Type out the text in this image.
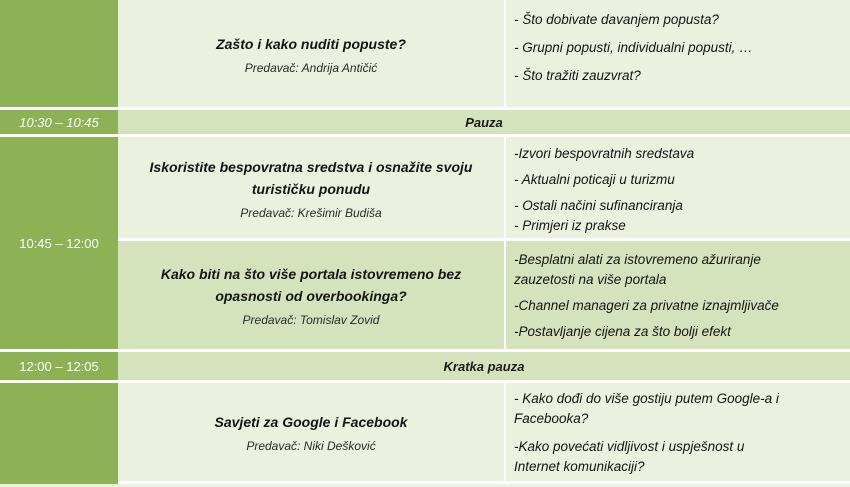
Zašto i kako nuditi popuste?
Predavač: Andrija Antičić
- Što dobivate davanjem popusta?
- Grupni popusti, individualni popusti, …
- Što tražiti zauzvrat?
10:30 – 10:45	Pauza
10:45 – 12:00
Iskoristite bespovratna sredstva i osnažite svoju
turističku ponudu
Predavač: Krešimir Budiša
-Izvori bespovratnih sredstava
- Aktualni poticaji u turizmu
- Ostali načini sufinanciranja
- Primjeri iz prakse
Kako biti na što više portala istovremeno bez
opasnosti od overbookinga?
Predavač: Tomislav Zovid
-Besplatni alati za istovremeno ažuriranje
zauzetosti na više portala
-Channel manageri za privatne iznajmljivače
-Postavljanje cijena za što bolji efekt
12:00 – 12:05	Kratka pauza
Savjeti za Google i Facebook
Predavač: Niki Dešković
- Kako dođi do više gostiju putem Google-a i
Facebooka?
-Kako povećati vidljivost i uspješnost u
Internet komunikaciji?
